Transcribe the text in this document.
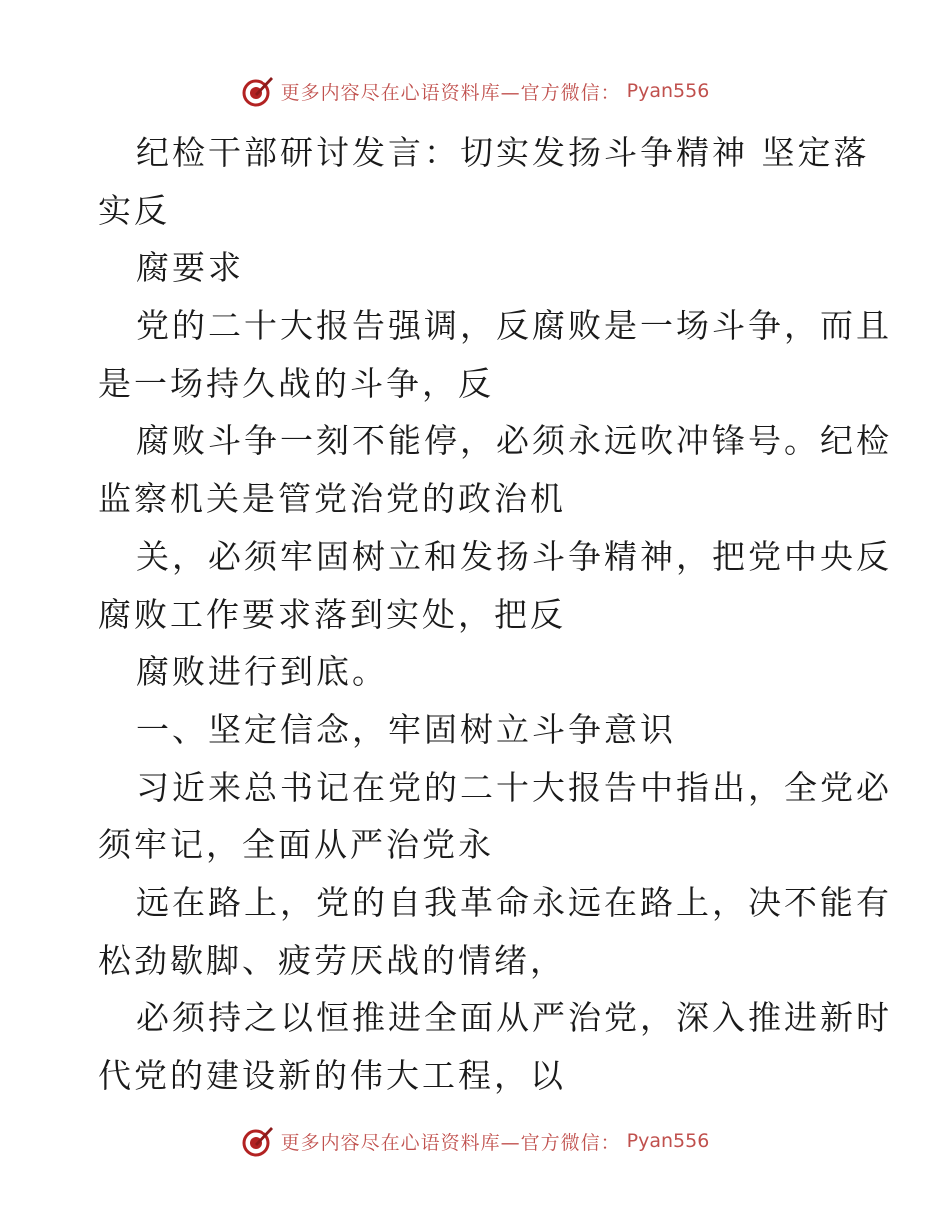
更多内容尽在心语资料库—官方微信： Pyan556
纪检干部研讨发言：切实发扬斗争精神 坚定落
实反
腐要求
党的二十大报告强调，反腐败是一场斗争，而且
是一场持久战的斗争，反
腐败斗争一刻不能停，必须永远吹冲锋号。纪检
监察机关是管党治党的政治机
关，必须牢固树立和发扬斗争精神，把党中央反
腐败工作要求落到实处，把反
腐败进行到底。
一、坚定信念，牢固树立斗争意识
习近来总书记在党的二十大报告中指出，全党必
须牢记，全面从严治党永
远在路上，党的自我革命永远在路上，决不能有
松劲歇脚、疲劳厌战的情绪，
必须持之以恒推进全面从严治党，深入推进新时
代党的建设新的伟大工程，以
更多内容尽在心语资料库—官方微信： Pyan556
